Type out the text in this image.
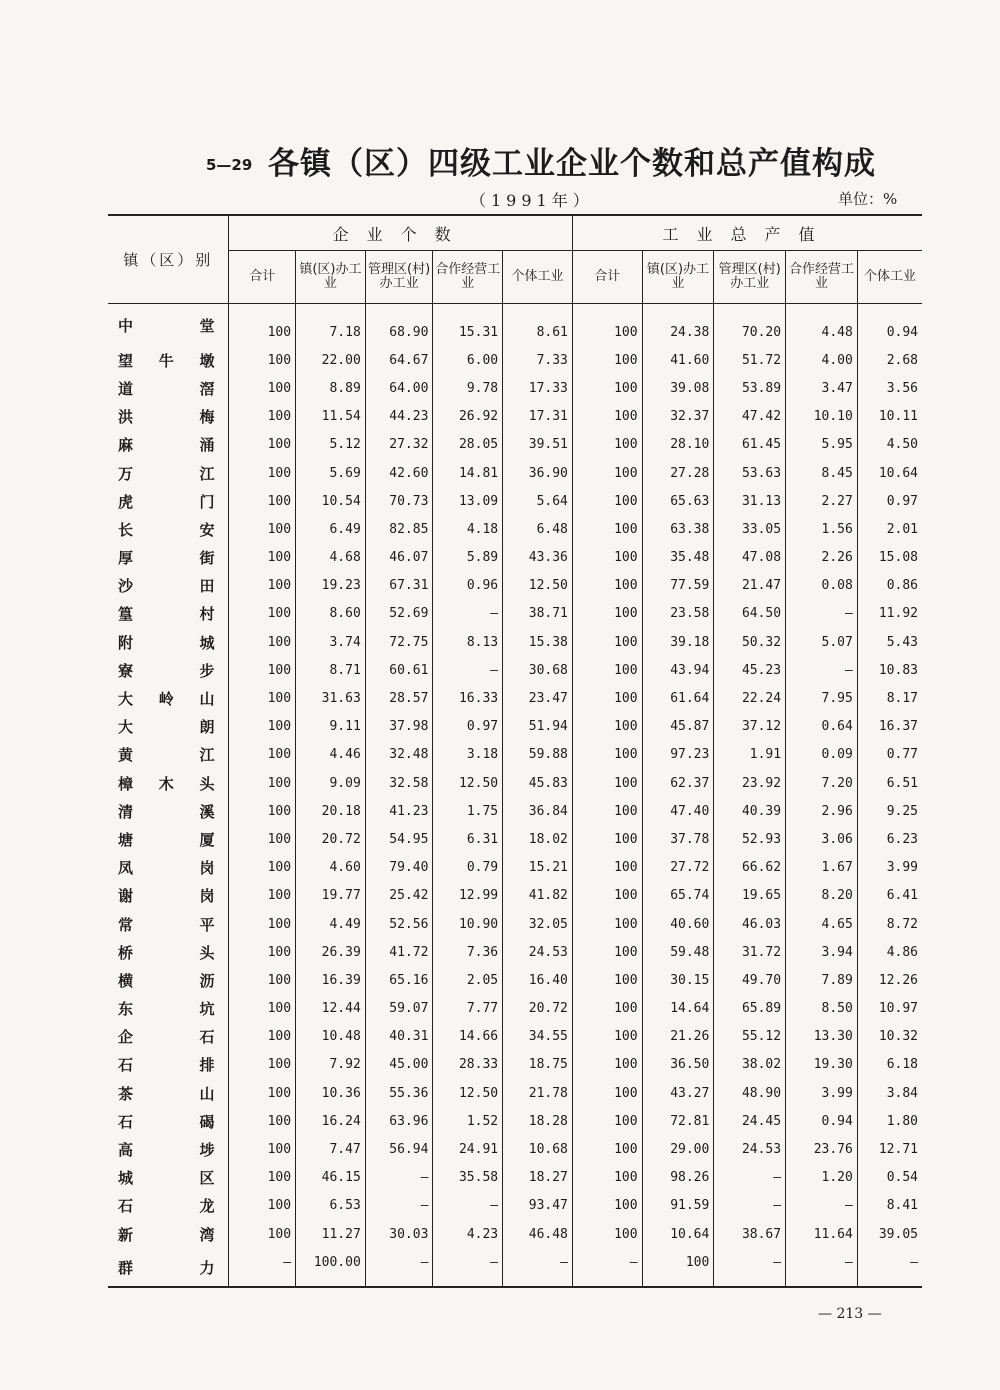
5—29 各镇（区）四级工业企业个数和总产值构成
（1991年）	单位：%
镇（区）别	企业个数					工业总产值				
	合计	镇(区)办工业	管理区(村)办工业	合作经营工业	个体工业	合计	镇(区)办工业	管理区(村)办工业	合作经营工业	个体工业
中堂	100	7.18	68.90	15.31	8.61	100	24.38	70.20	4.48	0.94
望牛墩	100	22.00	64.67	6.00	7.33	100	41.60	51.72	4.00	2.68
道滘	100	8.89	64.00	9.78	17.33	100	39.08	53.89	3.47	3.56
洪梅	100	11.54	44.23	26.92	17.31	100	32.37	47.42	10.10	10.11
麻涌	100	5.12	27.32	28.05	39.51	100	28.10	61.45	5.95	4.50
万江	100	5.69	42.60	14.81	36.90	100	27.28	53.63	8.45	10.64
虎门	100	10.54	70.73	13.09	5.64	100	65.63	31.13	2.27	0.97
长安	100	6.49	82.85	4.18	6.48	100	63.38	33.05	1.56	2.01
厚街	100	4.68	46.07	5.89	43.36	100	35.48	47.08	2.26	15.08
沙田	100	19.23	67.31	0.96	12.50	100	77.59	21.47	0.08	0.86
篁村	100	8.60	52.69	—	38.71	100	23.58	64.50	—	11.92
附城	100	3.74	72.75	8.13	15.38	100	39.18	50.32	5.07	5.43
寮步	100	8.71	60.61	—	30.68	100	43.94	45.23	—	10.83
大岭山	100	31.63	28.57	16.33	23.47	100	61.64	22.24	7.95	8.17
大朗	100	9.11	37.98	0.97	51.94	100	45.87	37.12	0.64	16.37
黄江	100	4.46	32.48	3.18	59.88	100	97.23	1.91	0.09	0.77
樟木头	100	9.09	32.58	12.50	45.83	100	62.37	23.92	7.20	6.51
清溪	100	20.18	41.23	1.75	36.84	100	47.40	40.39	2.96	9.25
塘厦	100	20.72	54.95	6.31	18.02	100	37.78	52.93	3.06	6.23
凤岗	100	4.60	79.40	0.79	15.21	100	27.72	66.62	1.67	3.99
谢岗	100	19.77	25.42	12.99	41.82	100	65.74	19.65	8.20	6.41
常平	100	4.49	52.56	10.90	32.05	100	40.60	46.03	4.65	8.72
桥头	100	26.39	41.72	7.36	24.53	100	59.48	31.72	3.94	4.86
横沥	100	16.39	65.16	2.05	16.40	100	30.15	49.70	7.89	12.26
东坑	100	12.44	59.07	7.77	20.72	100	14.64	65.89	8.50	10.97
企石	100	10.48	40.31	14.66	34.55	100	21.26	55.12	13.30	10.32
石排	100	7.92	45.00	28.33	18.75	100	36.50	38.02	19.30	6.18
茶山	100	10.36	55.36	12.50	21.78	100	43.27	48.90	3.99	3.84
石碣	100	16.24	63.96	1.52	18.28	100	72.81	24.45	0.94	1.80
高埗	100	7.47	56.94	24.91	10.68	100	29.00	24.53	23.76	12.71
城区	100	46.15	—	35.58	18.27	100	98.26	—	1.20	0.54
石龙	100	6.53	—	—	93.47	100	91.59	—	—	8.41
新湾	100	11.27	30.03	4.23	46.48	100	10.64	38.67	11.64	39.05
群力	—	100.00	—	—	—	—	100	—	—	—
— 213 —
